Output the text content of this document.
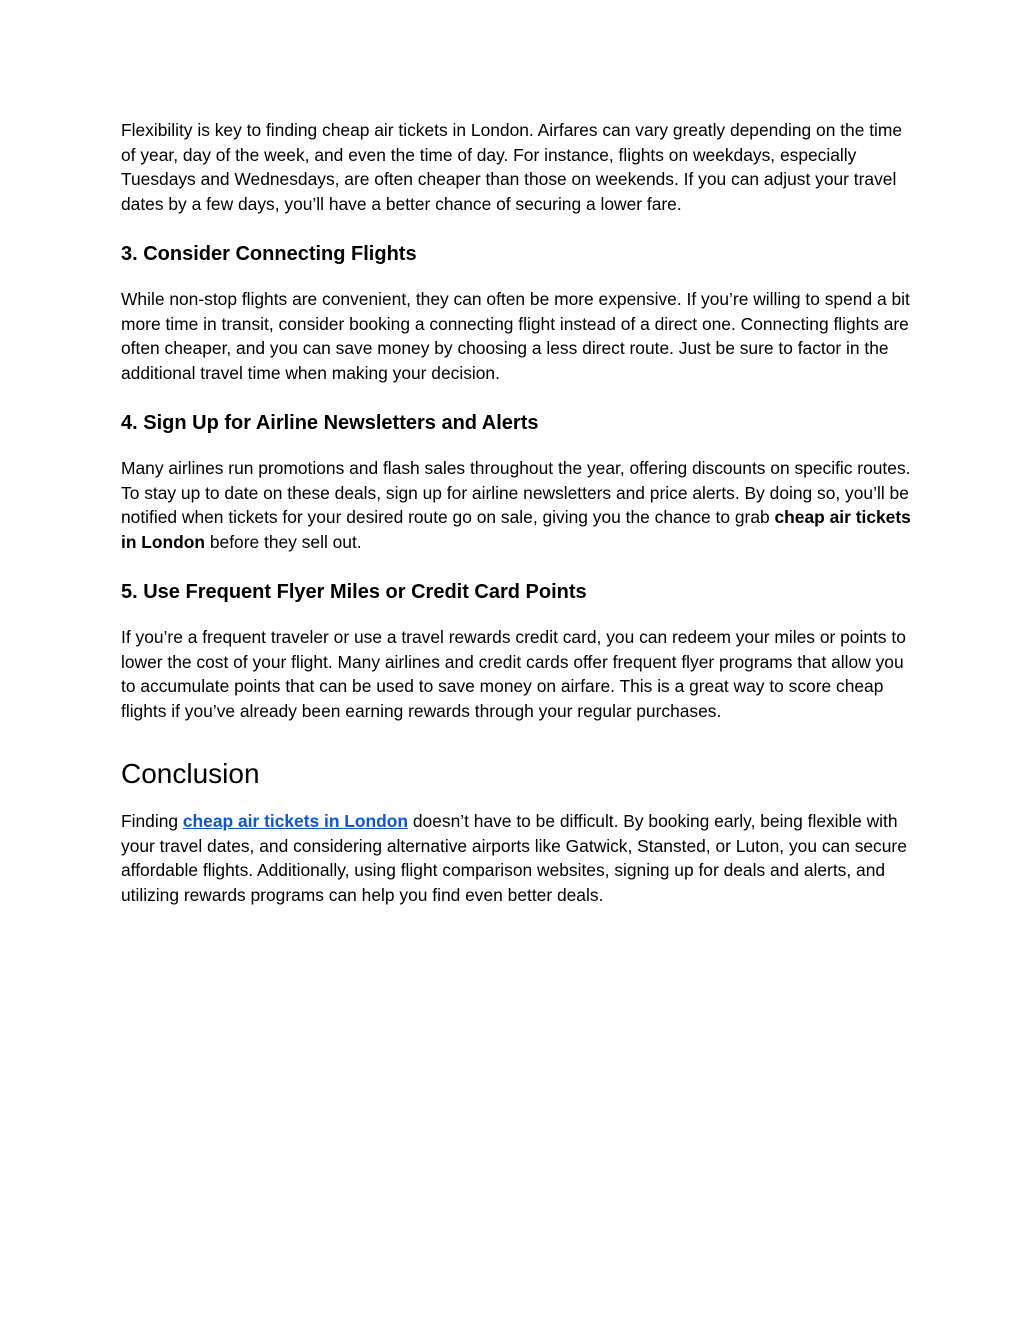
Flexibility is key to finding cheap air tickets in London. Airfares can vary greatly depending on the time of year, day of the week, and even the time of day. For instance, flights on weekdays, especially Tuesdays and Wednesdays, are often cheaper than those on weekends. If you can adjust your travel dates by a few days, you’ll have a better chance of securing a lower fare.

3. Consider Connecting Flights

While non-stop flights are convenient, they can often be more expensive. If you’re willing to spend a bit more time in transit, consider booking a connecting flight instead of a direct one. Connecting flights are often cheaper, and you can save money by choosing a less direct route. Just be sure to factor in the additional travel time when making your decision.

4. Sign Up for Airline Newsletters and Alerts

Many airlines run promotions and flash sales throughout the year, offering discounts on specific routes. To stay up to date on these deals, sign up for airline newsletters and price alerts. By doing so, you’ll be notified when tickets for your desired route go on sale, giving you the chance to grab cheap air tickets in London before they sell out.

5. Use Frequent Flyer Miles or Credit Card Points

If you’re a frequent traveler or use a travel rewards credit card, you can redeem your miles or points to lower the cost of your flight. Many airlines and credit cards offer frequent flyer programs that allow you to accumulate points that can be used to save money on airfare. This is a great way to score cheap flights if you’ve already been earning rewards through your regular purchases.

Conclusion

Finding cheap air tickets in London doesn’t have to be difficult. By booking early, being flexible with your travel dates, and considering alternative airports like Gatwick, Stansted, or Luton, you can secure affordable flights. Additionally, using flight comparison websites, signing up for deals and alerts, and utilizing rewards programs can help you find even better deals.
